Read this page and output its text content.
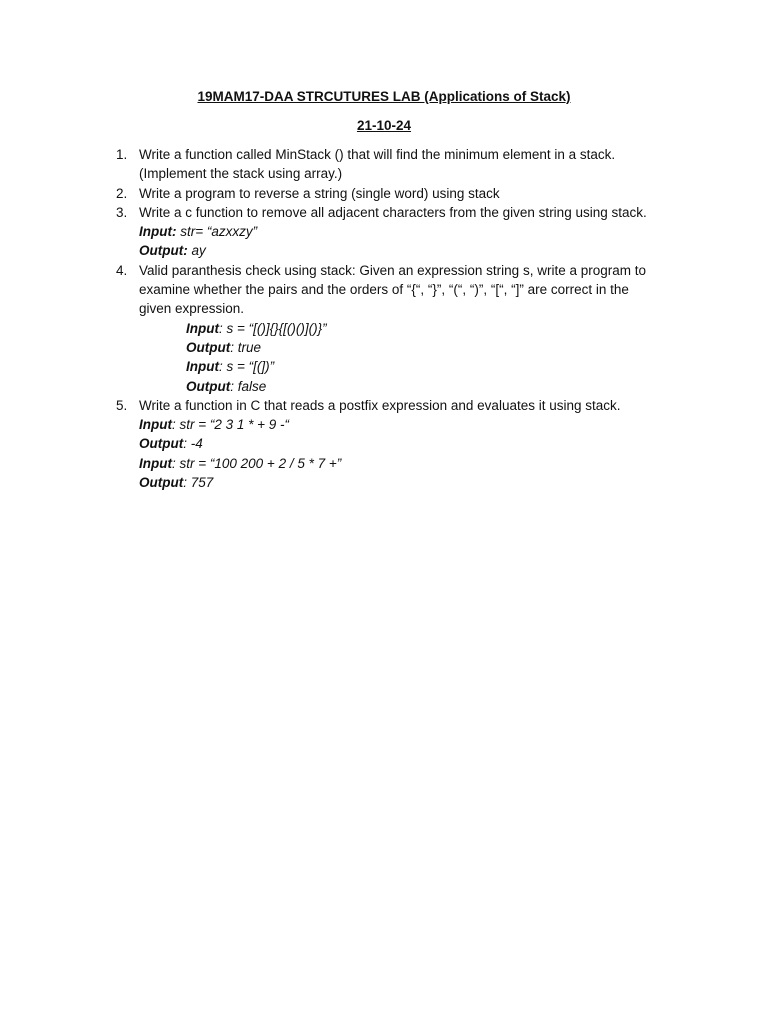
19MAM17-DAA STRCUTURES LAB (Applications of Stack)
21-10-24
1. Write a function called MinStack () that will find the minimum element in a stack.
(Implement the stack using array.)
2. Write a program to reverse a string (single word) using stack
3. Write a c function to remove all adjacent characters from the given string using stack.
Input: str= “azxxzy”
Output: ay
4. Valid paranthesis check using stack: Given an expression string s, write a program to
examine whether the pairs and the orders of “{“, “}”, “(“, “)”, “[“, “]” are correct in the
given expression.
Input: s = “[()]{}{[()()]()}”
Output: true
Input: s = “[(])”
Output: false
5. Write a function in C that reads a postfix expression and evaluates it using stack.
Input: str = “2 3 1 * + 9 -“
Output: -4
Input: str = “100 200 + 2 / 5 * 7 +”
Output: 757
